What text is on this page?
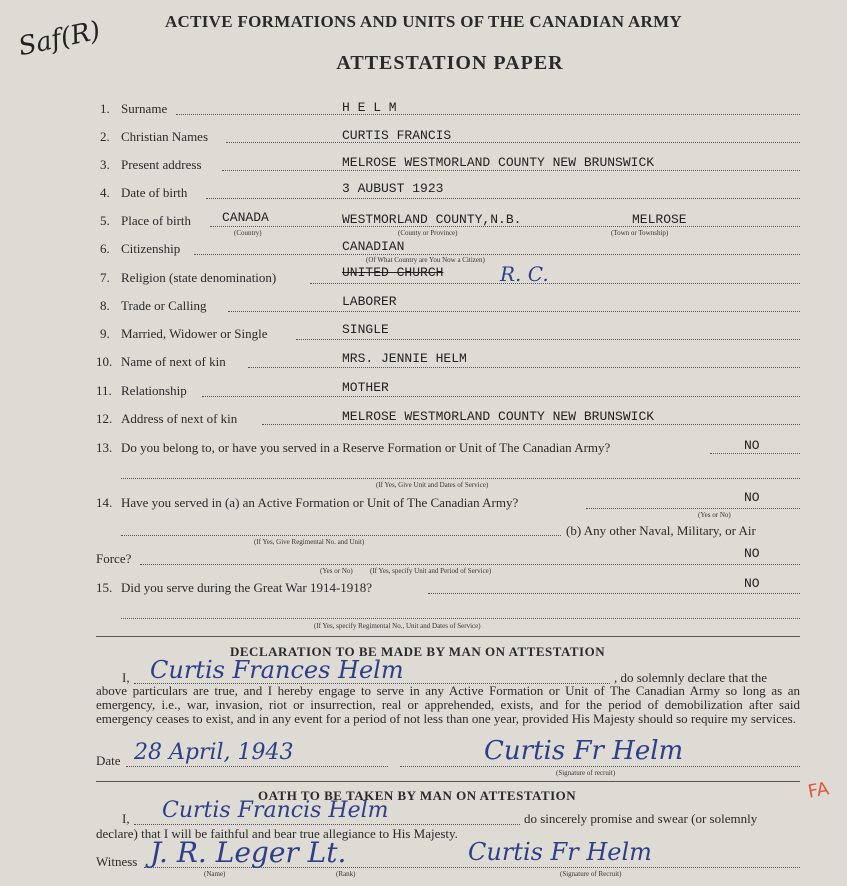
Saf(R)	ACTIVE FORMATIONS AND UNITS OF THE CANADIAN ARMY
ATTESTATION PAPER
1. Surname	H E L M
2. Christian Names	CURTIS FRANCIS
3. Present address	MELROSE WESTMORLAND COUNTY NEW BRUNSWICK
4. Date of birth	3 AUBUST 1923
5. Place of birth CANADA	WESTMORLAND COUNTY,N.B.	MELROSE
(Country)	(County or Province)	(Town or Township)
6. Citizenship	CANADIAN
(Of What Country are You Now a Citizen)
7. Religion (state denomination)	UNITED CHURCH	R. C.
8. Trade or Calling	LABORER
9. Married, Widower or Single	SINGLE
10. Name of next of kin	MRS. JENNIE HELM
11. Relationship	MOTHER
12. Address of next of kin	MELROSE WESTMORLAND COUNTY NEW BRUNSWICK
13. Do you belong to, or have you served in a Reserve Formation or Unit of The Canadian Army?	NO
(If Yes, Give Unit and Dates of Service)
14. Have you served in (a) an Active Formation or Unit of The Canadian Army?	NO
(Yes or No)
(b) Any other Naval, Military, or Air
(If Yes, Give Regimental No. and Unit)
Force?	NO
(Yes or No) (If Yes, specify Unit and Period of Service)
15. Did you serve during the Great War 1914-1918?	NO
(If Yes, specify Regimental No., Unit and Dates of Service)
DECLARATION TO BE MADE BY MAN ON ATTESTATION
I, Curtis Frances Helm	, do solemnly declare that the
above particulars are true, and I hereby engage to serve in any Active Formation or Unit of The Canadian Army so long as an emergency, i.e., war, invasion, riot or insurrection, real or apprehended, exists, and for the period of demobilization after said emergency ceases to exist, and in any event for a period of not less than one year, provided His Majesty should so require my services.
Date 28 April, 1943	Curtis Fr Helm
(Signature of recruit)
OATH TO BE TAKEN BY MAN ON ATTESTATION
I, Curtis Francis Helm	do sincerely promise and swear (or solemnly
declare) that I will be faithful and bear true allegiance to His Majesty.
Witness J. R. Leger Lt.	Curtis Fr Helm
(Name)	(Rank)	(Signature of Recruit)
FA
